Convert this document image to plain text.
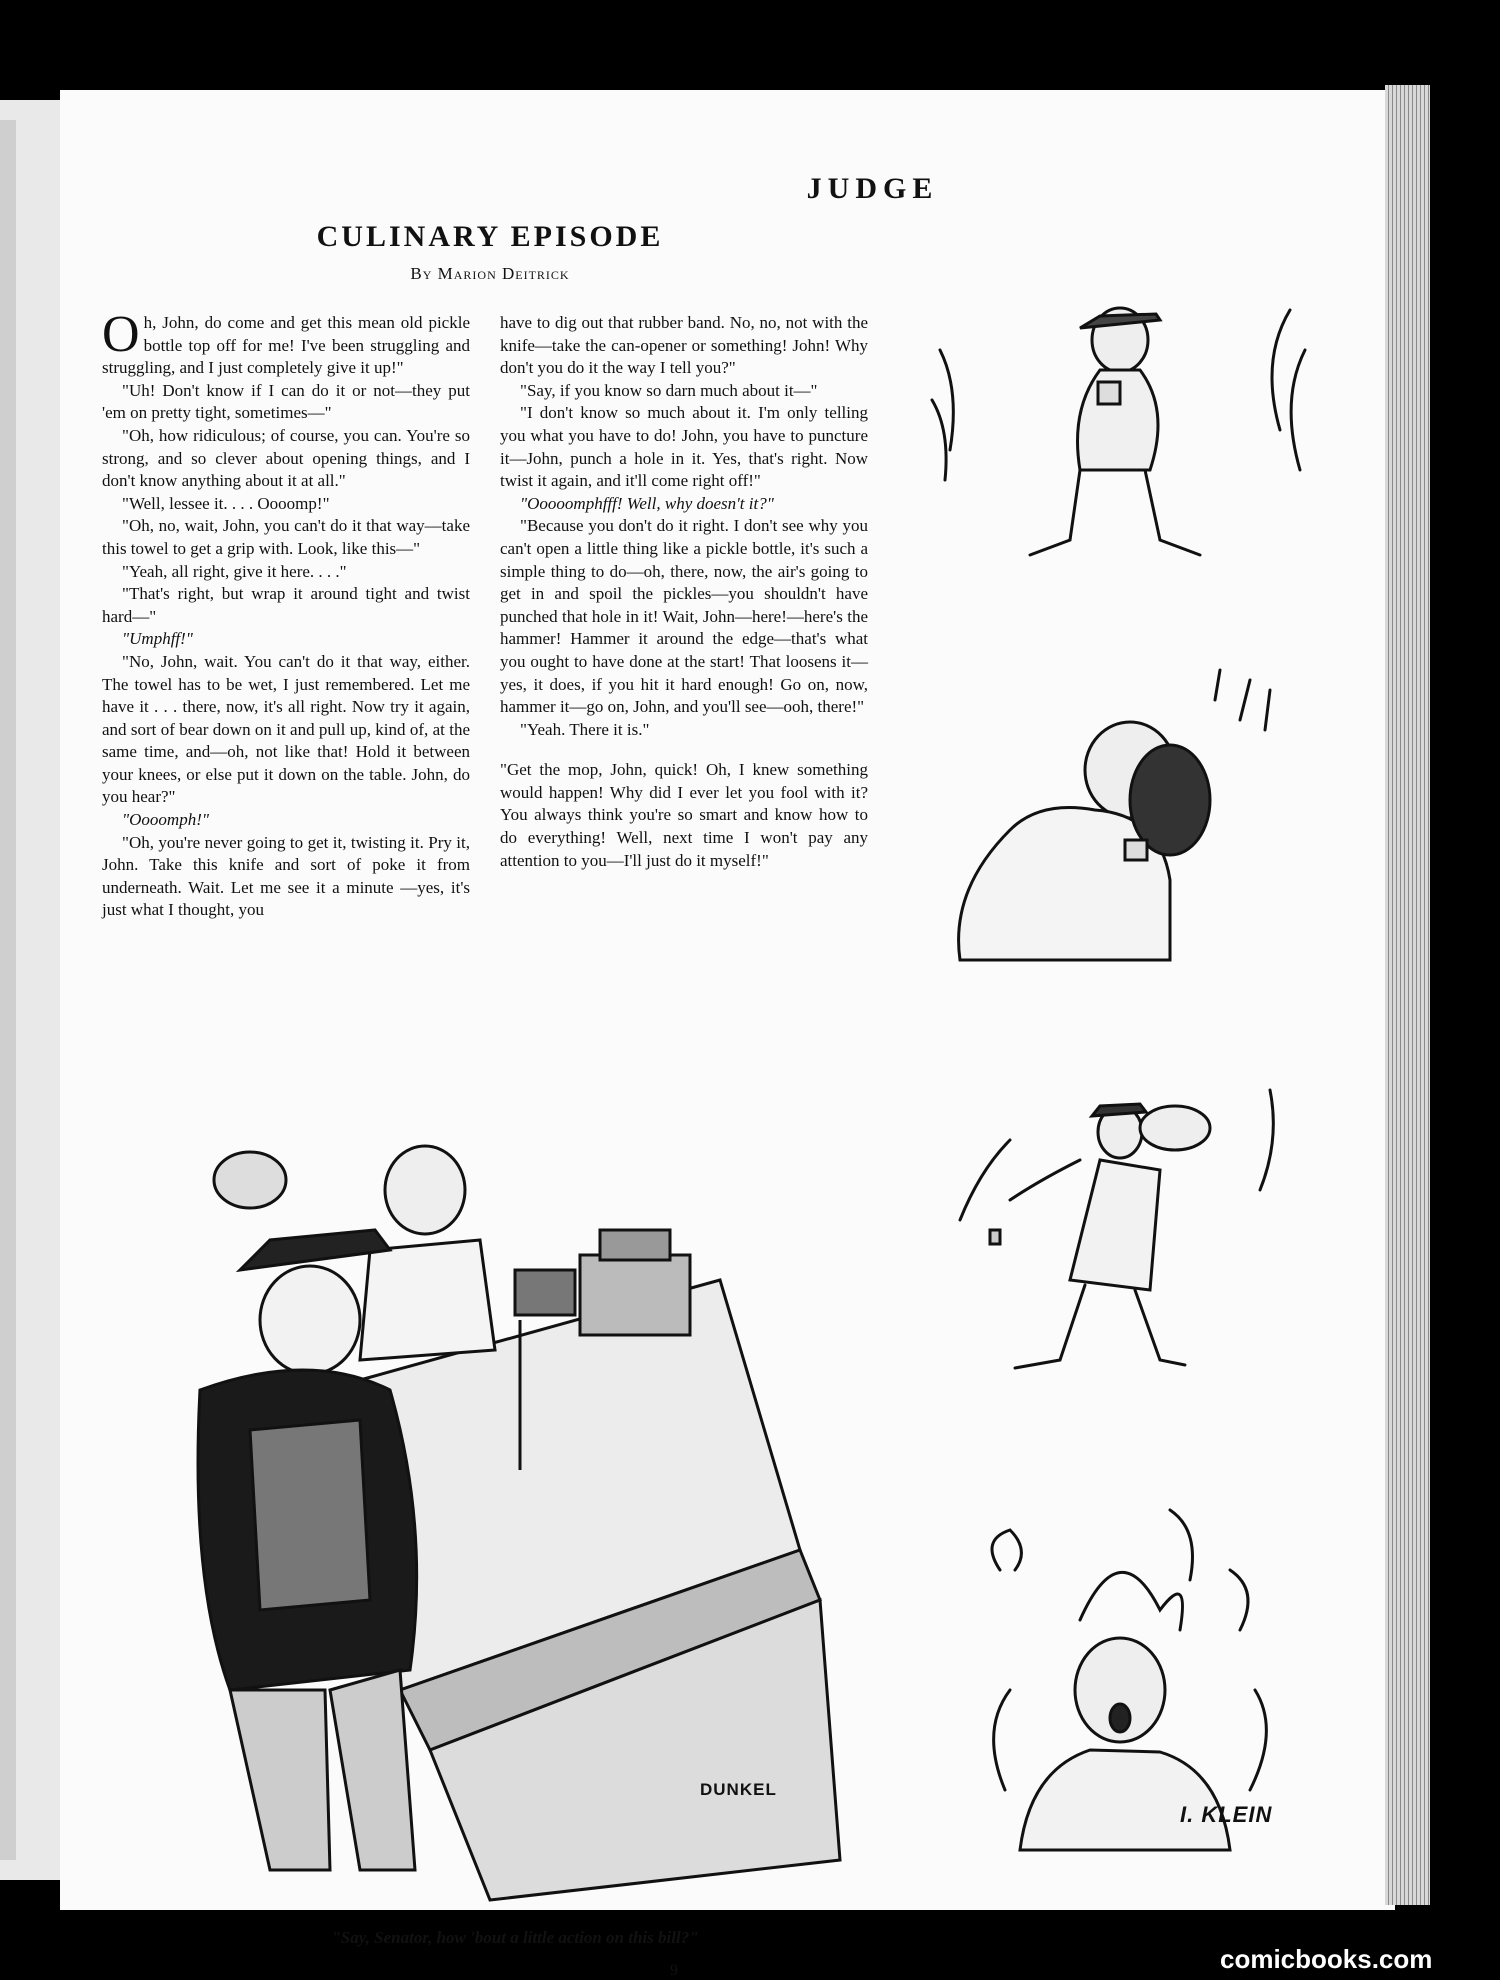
JUDGE
CULINARY EPISODE
By Marion Deitrick

Oh, John, do come and get this mean old pickle bottle top off for me! I've been struggling and struggling, and I just completely give it up!"

"Uh! Don't know if I can do it or not—they put 'em on pretty tight, sometimes—"

"Oh, how ridiculous; of course, you can. You're so strong, and so clever about opening things, and I don't know anything about it at all."

"Well, lessee it. . . . Oooomp!"

"Oh, no, wait, John, you can't do it that way—take this towel to get a grip with. Look, like this—"

"Yeah, all right, give it here. . . ."

"That's right, but wrap it around tight and twist hard—"

"Umphff!"

"No, John, wait. You can't do it that way, either. The towel has to be wet, I just remembered. Let me have it . . . there, now, it's all right. Now try it again, and sort of bear down on it and pull up, kind of, at the same time, and—oh, not like that! Hold it between your knees, or else put it down on the table. John, do you hear?"

"Oooomph!"

"Oh, you're never going to get it, twisting it. Pry it, John. Take this knife and sort of poke it from underneath. Wait. Let me see it a minute —yes, it's just what I thought, you

have to dig out that rubber band. No, no, not with the knife—take the can-opener or something! John! Why don't you do it the way I tell you?"

"Say, if you know so darn much about it—"

"I don't know so much about it. I'm only telling you what you have to do! John, you have to puncture it—John, punch a hole in it. Yes, that's right. Now twist it again, and it'll come right off!"

"Ooooomphfff! Well, why doesn't it?"

"Because you don't do it right. I don't see why you can't open a little thing like a pickle bottle, it's such a simple thing to do—oh, there, now, the air's going to get in and spoil the pickles—you shouldn't have punched that hole in it! Wait, John—here!—here's the hammer! Hammer it around the edge—that's what you ought to have done at the start! That loosens it—yes, it does, if you hit it hard enough! Go on, now, hammer it—go on, John, and you'll see—ooh, there!"

"Yeah. There it is."

"Get the mop, John, quick! Oh, I knew something would happen! Why did I ever let you fool with it? You always think you're so smart and know how to do everything! Well, next time I won't pay any attention to you—I'll just do it myself!"

I. KLEIN
DUNKEL
"Say, Senator, how 'bout a little action on this bill?"
9	comicbooks.com
